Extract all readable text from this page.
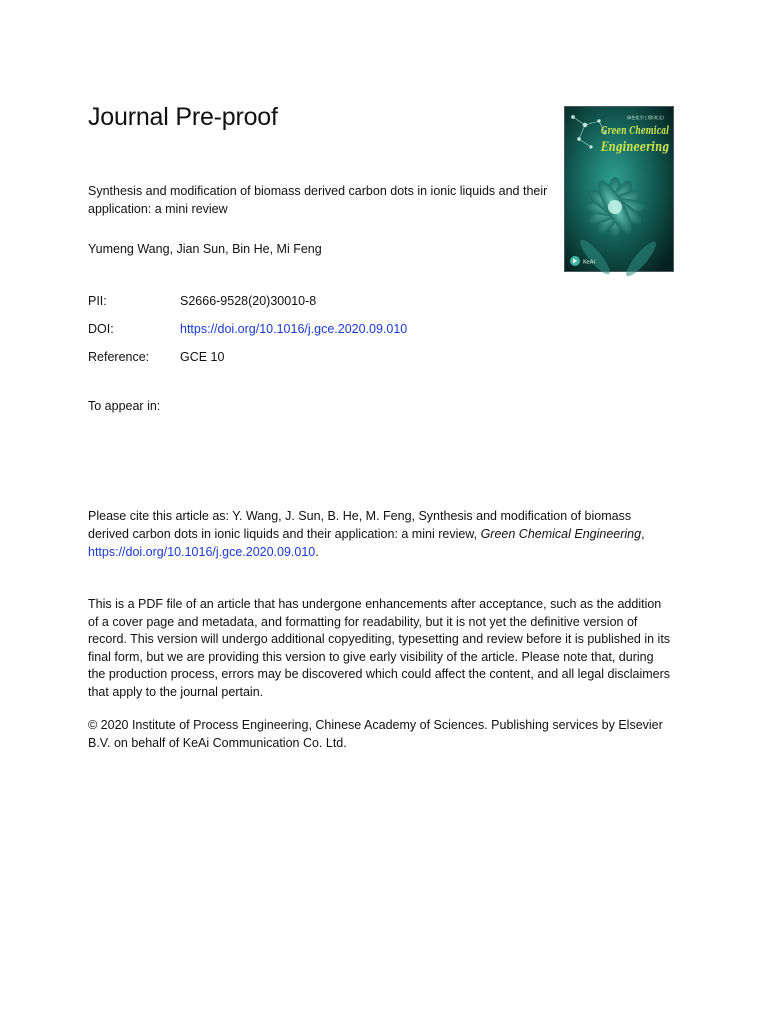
Journal Pre-proof	绿色化学工程(英文)
Green Chemical
Engineering
KeAi

Synthesis and modification of biomass derived carbon dots in ionic liquids and their application: a mini review

Yumeng Wang, Jian Sun, Bin He, Mi Feng

PII:	S2666-9528(20)30010-8
DOI:	https://doi.org/10.1016/j.gce.2020.09.010
Reference: GCE 10

To appear in:

Please cite this article as: Y. Wang, J. Sun, B. He, M. Feng, Synthesis and modification of biomass derived carbon dots in ionic liquids and their application: a mini review, Green Chemical Engineering, https://doi.org/10.1016/j.gce.2020.09.010.

This is a PDF file of an article that has undergone enhancements after acceptance, such as the addition of a cover page and metadata, and formatting for readability, but it is not yet the definitive version of record. This version will undergo additional copyediting, typesetting and review before it is published in its final form, but we are providing this version to give early visibility of the article. Please note that, during the production process, errors may be discovered which could affect the content, and all legal disclaimers that apply to the journal pertain.

© 2020 Institute of Process Engineering, Chinese Academy of Sciences. Publishing services by Elsevier B.V. on behalf of KeAi Communication Co. Ltd.
